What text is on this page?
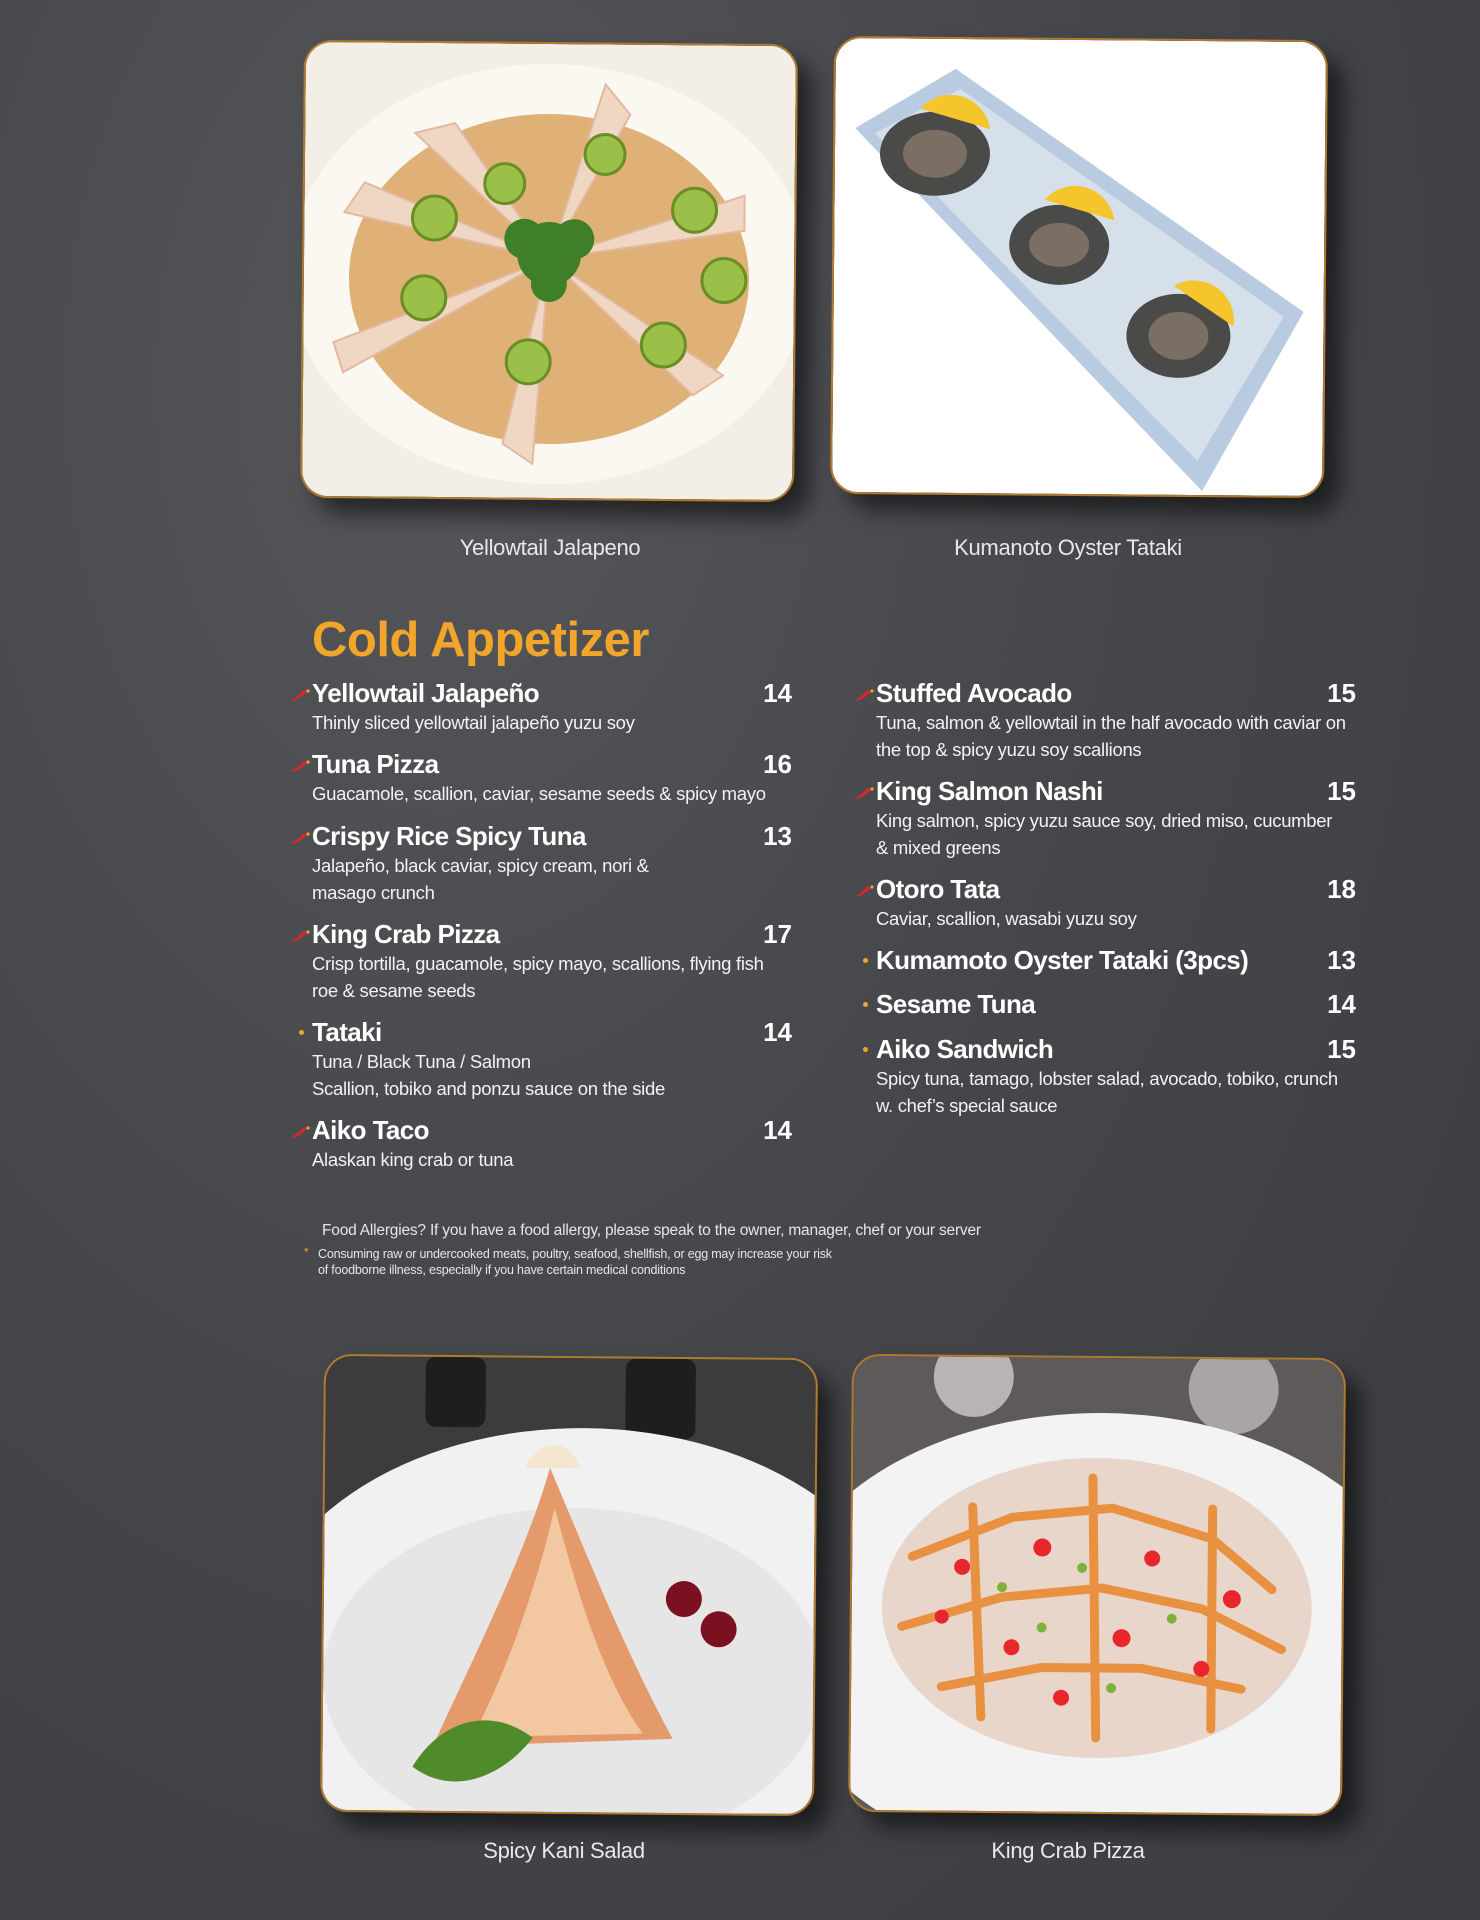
Yellowtail Jalapeno	Kumanoto Oyster Tataki
Cold Appetizer
Yellowtail Jalapeño	14
Thinly sliced yellowtail jalapeño yuzu soy
Tuna Pizza	16
Guacamole, scallion, caviar, sesame seeds & spicy mayo
Crispy Rice Spicy Tuna	13
Jalapeño, black caviar, spicy cream, nori &
masago crunch
King Crab Pizza	17
Crisp tortilla, guacamole, spicy mayo, scallions, flying fish
roe & sesame seeds
Tataki	14
Tuna / Black Tuna / Salmon
Scallion, tobiko and ponzu sauce on the side
Aiko Taco	14
Alaskan king crab or tuna
Stuffed Avocado	15
Tuna, salmon & yellowtail in the half avocado with caviar on
the top & spicy yuzu soy scallions
King Salmon Nashi	15
King salmon, spicy yuzu sauce soy, dried miso, cucumber
& mixed greens
Otoro Tata	18
Caviar, scallion, wasabi yuzu soy
Kumamoto Oyster Tataki (3pcs)	13
Sesame Tuna	14
Aiko Sandwich	15
Spicy tuna, tamago, lobster salad, avocado, tobiko, crunch
w. chef’s special sauce
Food Allergies? If you have a food allergy, please speak to the owner, manager, chef or your server
* Consuming raw or undercooked meats, poultry, seafood, shellfish, or egg may increase your risk
of foodborne illness, especially if you have certain medical conditions
Spicy Kani Salad	King Crab Pizza
